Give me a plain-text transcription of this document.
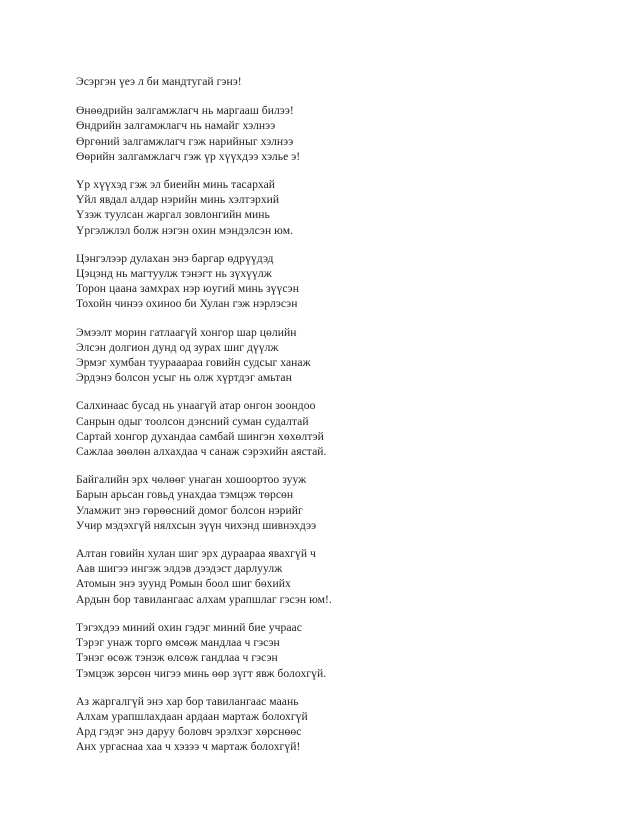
Эсэргэн үеэ л би мандтугай гэнэ!
Өнөөдрийн залгамжлагч нь маргааш билээ!
Өндрийн залгамжлагч нь намайг хэлнээ
Өргөний залгамжлагч гэж нарийныг хэлнээ
Өөрийн залгамжлагч гэж үр хүүхдээ хэлье э!
Үр хүүхэд гэж эл биеийн минь тасархай
Үйл явдал алдар нэрийн минь хэлтэрхий
Үзэж туулсан жаргал зовлонгийн минь
Үргэлжлэл болж нэгэн охин мэндэлсэн юм.
Цэнгэлээр дулахан энэ баргар өдрүүдэд
Цэцэнд нь магтуулж тэнэгт нь зүхүүлж
Торон цаана замхрах нэр юугий минь зүүсэн
Тохойн чинээ охиноо би Хулан гэж нэрлэсэн
Эмээлт морин гатлаагүй хонгор шар цөлийн
Элсэн долгион дунд од зурах шиг дүүлж
Эрмэг хумбан туурааараа говийн судсыг ханаж
Эрдэнэ болсон усыг нь олж хүртдэг амьтан
Салхинаас бусад нь унаагүй атар онгон зоондоо
Санрын одыг тоолсон дэнсний суман судалтай
Сартай хонгор духандаа самбай шингэн хөхөлтэй
Сажлаа зөөлөн алхахдаа ч санаж сэрэхийн аястай.
Байгалийн эрх чөлөөг унаган хошоортоо зууж
Барын арьсан говьд унахдаа тэмцэж төрсөн
Уламжит энэ гөрөөсний домог болсон нэрийг
Учир мэдэхгүй нялхсын зүүн чихэнд шивнэхдээ
Алтан говийн хулан шиг эрх дураараа явахгүй ч
Аав шигээ ингэж элдэв дээдэст дарлуулж
Атомын энэ зуунд Ромын боол шиг бөхийх
Ардын бор тавилангаас алхам урапшлаг гэсэн юм!.
Тэгэхдээ миний охин гэдэг миний бие учраас
Тэрэг унаж торго өмсөж мандлаа ч гэсэн
Тэнэг өсөж тэнэж өлсөж гандлаа ч гэсэн
Тэмцэж зөрсөн чигээ минь өөр зүгт явж болохгүй.
Аз жаргалгүй энэ хар бор тавилангаас маань
Алхам урапшлахдаан ардаан мартаж болохгүй
Ард гэдэг энэ даруу боловч эрэлхэг хөрснөөс
Анх ургаснаа хаа ч хэзээ ч мартаж болохгүй!
